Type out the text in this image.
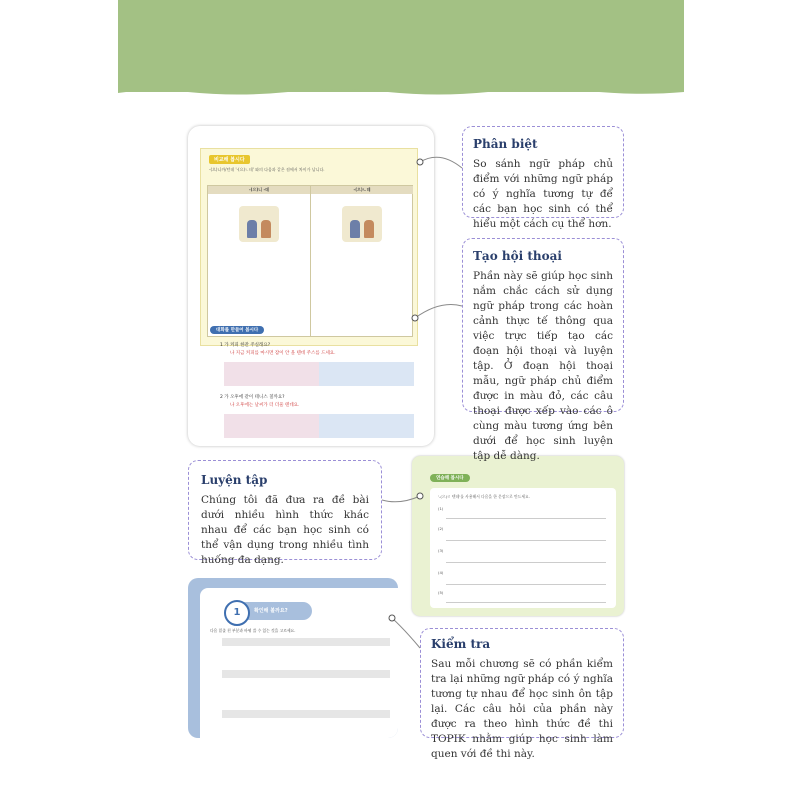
비교해 봅시다
-(으)니까/던데 '-(으)ㄴ데' 와의 다음과 같은 점에서 차이가 납니다.
-(으)니 -데

	-(으)ㄴ데

대화를 만들어 봅시다
1 가 커피 한잔 주실래요?
나 지금 커피를 마시면 잠이 안 올 텐데 주스를 드세요.
2 가 오후에 같이 테니스 칠까요?
나 오후에는 날씨가 더 더울 텐데요.
연습해 봅시다
'-(으)ㄹ 텐데'를 사용해서 다음을 한 문장으로 만드세요.
(1)
(2)
(3)
(4)
(5)
1	확인해 볼까요?
다음 밑줄 친 부분과 바꿔 쓸 수 있는 것을 고르세요.
Phân biệt

So sánh ngữ pháp chủ điểm với những ngữ pháp có ý nghĩa tương tự để các bạn học sinh có thể hiểu một cách cụ thể hơn.

Tạo hội thoại

Phần này sẽ giúp học sinh nắm chắc cách sử dụng ngữ pháp trong các hoàn cảnh thực tế thông qua việc trực tiếp tạo các đoạn hội thoại và luyện tập. Ở đoạn hội thoại mẫu, ngữ pháp chủ điểm được in màu đỏ, các câu thoại được xếp vào các ô cùng màu tương ứng bên dưới để học sinh luyện tập dễ dàng.

Luyện tập

Chúng tôi đã đưa ra đề bài dưới nhiều hình thức khác nhau để các bạn học sinh có thể vận dụng trong nhiều tình huống đa dạng.

Kiểm tra

Sau mỗi chương sẽ có phần kiểm tra lại những ngữ pháp có ý nghĩa tương tự nhau để học sinh ôn tập lại. Các câu hỏi của phần này được ra theo hình thức đề thi TOPIK nhằm giúp học sinh làm quen với đề thi này.
